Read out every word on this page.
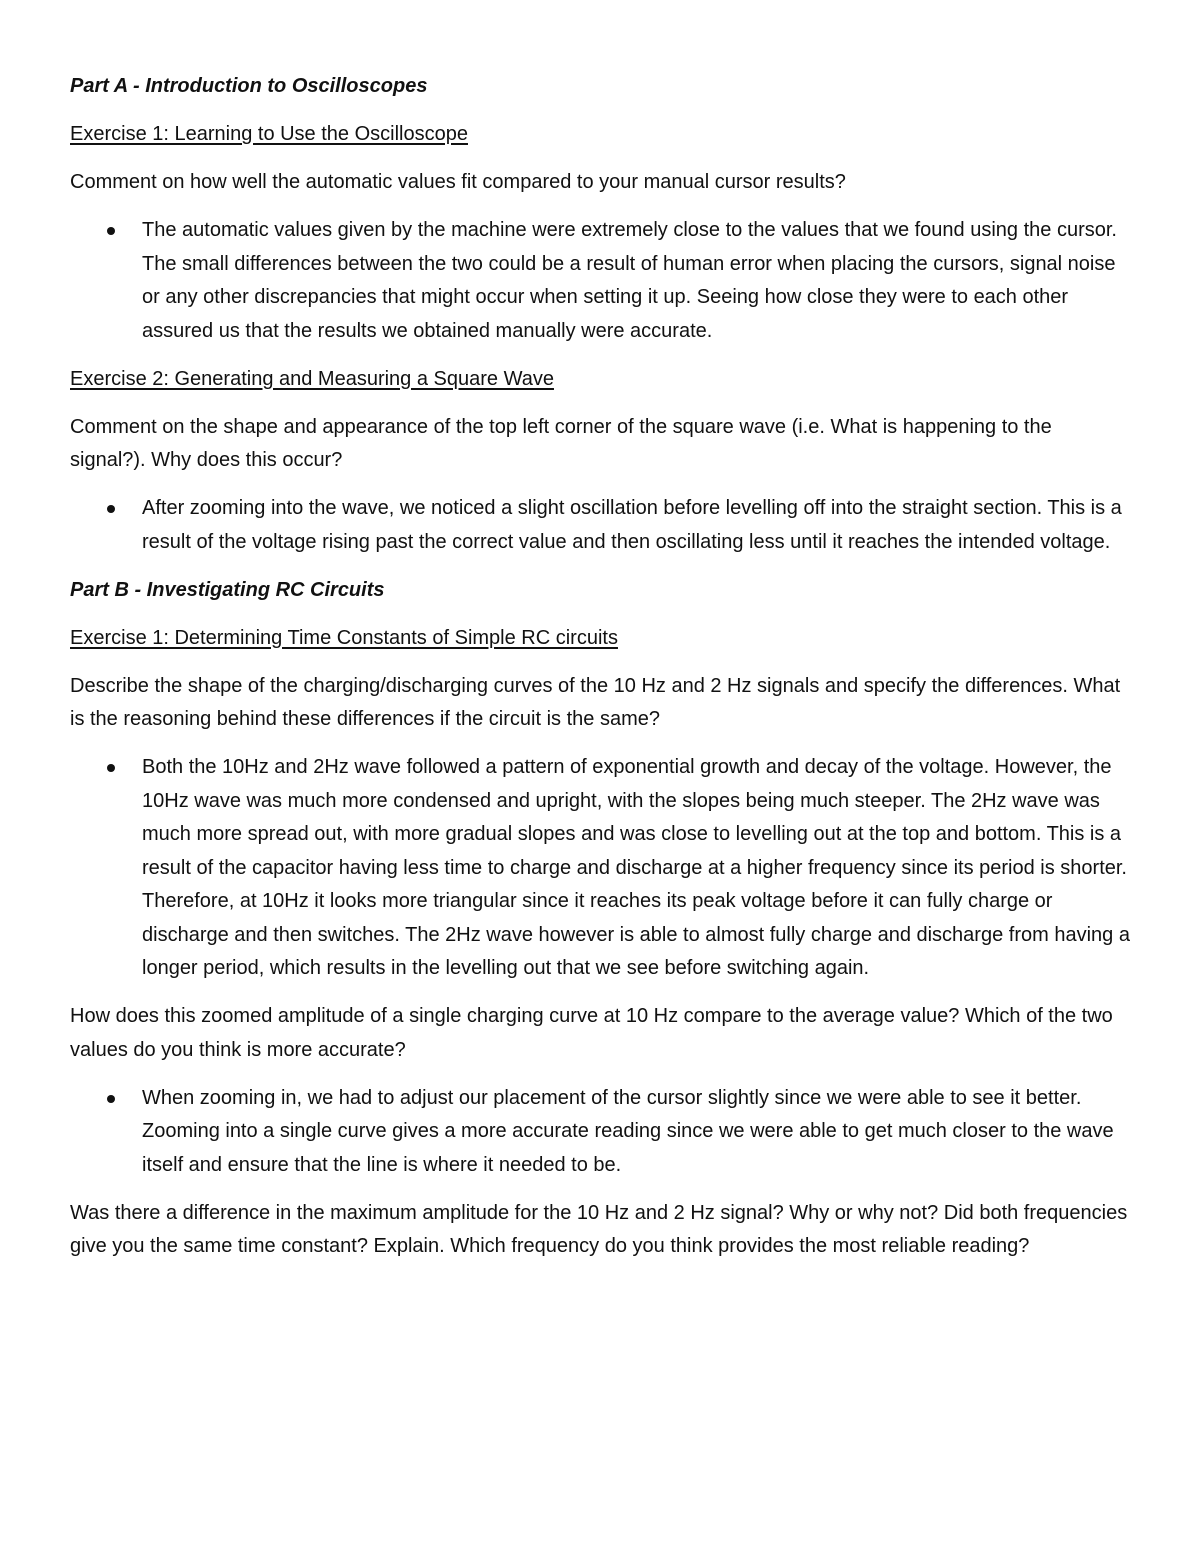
Part A - Introduction to Oscilloscopes

Exercise 1: Learning to Use the Oscilloscope

Comment on how well the automatic values fit compared to your manual cursor results?

The automatic values given by the machine were extremely close to the values that we found using the cursor. The small differences between the two could be a result of human error when placing the cursors, signal noise or any other discrepancies that might occur when setting it up. Seeing how close they were to each other assured us that the results we obtained manually were accurate.

Exercise 2: Generating and Measuring a Square Wave

Comment on the shape and appearance of the top left corner of the square wave (i.e. What is happening to the signal?). Why does this occur?

After zooming into the wave, we noticed a slight oscillation before levelling off into the straight section. This is a result of the voltage rising past the correct value and then oscillating less until it reaches the intended voltage.

Part B - Investigating RC Circuits

Exercise 1: Determining Time Constants of Simple RC circuits

Describe the shape of the charging/discharging curves of the 10 Hz and 2 Hz signals and specify the differences. What is the reasoning behind these differences if the circuit is the same?

Both the 10Hz and 2Hz wave followed a pattern of exponential growth and decay of the voltage. However, the 10Hz wave was much more condensed and upright, with the slopes being much steeper. The 2Hz wave was much more spread out, with more gradual slopes and was close to levelling out at the top and bottom. This is a result of the capacitor having less time to charge and discharge at a higher frequency since its period is shorter. Therefore, at 10Hz it looks more triangular since it reaches its peak voltage before it can fully charge or discharge and then switches. The 2Hz wave however is able to almost fully charge and discharge from having a longer period, which results in the levelling out that we see before switching again.

How does this zoomed amplitude of a single charging curve at 10 Hz compare to the average value? Which of the two values do you think is more accurate?

When zooming in, we had to adjust our placement of the cursor slightly since we were able to see it better. Zooming into a single curve gives a more accurate reading since we were able to get much closer to the wave itself and ensure that the line is where it needed to be.

Was there a difference in the maximum amplitude for the 10 Hz and 2 Hz signal? Why or why not? Did both frequencies give you the same time constant? Explain. Which frequency do you think provides the most reliable reading?
